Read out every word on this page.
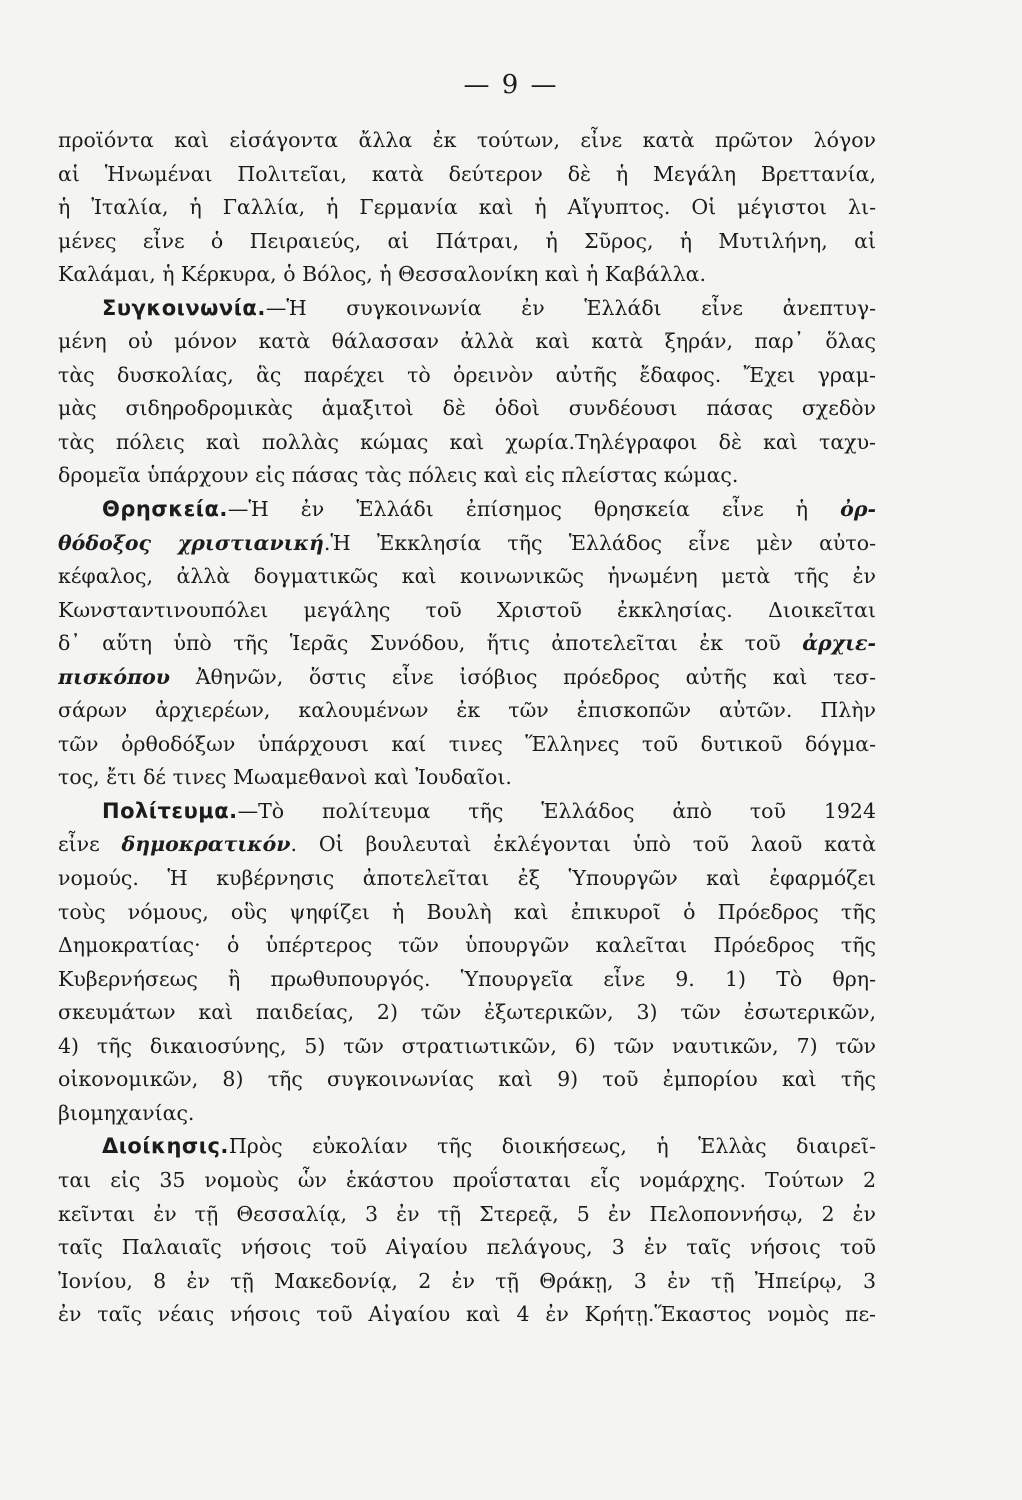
— 9 —
προϊόντα καὶ εἰσάγοντα ἄλλα ἐκ τούτων, εἶνε κατὰ πρῶτον λόγον
αἱ Ἡνωμέναι Πολιτεῖαι, κατὰ δεύτερον δὲ ἡ Μεγάλη Βρεττανία,
ἡ Ἰταλία, ἡ Γαλλία, ἡ Γερμανία καὶ ἡ Αἴγυπτος. Οἱ μέγιστοι λι-
μένες εἶνε ὁ Πειραιεύς, αἱ Πάτραι, ἡ Σῦρος, ἡ Μυτιλήνη, αἱ
Καλάμαι, ἡ Κέρκυρα, ὁ Βόλος, ἡ Θεσσαλονίκη καὶ ἡ Καβάλλα.
Συγκοινωνία.—Ἡ συγκοινωνία ἐν Ἑλλάδι εἶνε ἀνεπτυγ-
μένη οὐ μόνον κατὰ θάλασσαν ἀλλὰ καὶ κατὰ ξηράν, παρ᾿ ὅλας
τὰς δυσκολίας, ἃς παρέχει τὸ ὀρεινὸν αὐτῆς ἔδαφος. Ἔχει γραμ-
μὰς σιδηροδρομικὰς ἁμαξιτοὶ δὲ ὁδοὶ συνδέουσι πάσας σχεδὸν
τὰς πόλεις καὶ πολλὰς κώμας καὶ χωρία.Τηλέγραφοι δὲ καὶ ταχυ-
δρομεῖα ὑπάρχουν εἰς πάσας τὰς πόλεις καὶ εἰς πλείστας κώμας.
Θρησκεία.—Ἡ ἐν Ἑλλάδι ἐπίσημος θρησκεία εἶνε ἡ ὀρ-
θόδοξος χριστιανική.Ἡ Ἐκκλησία τῆς Ἑλλάδος εἶνε μὲν αὐτο-
κέφαλος, ἀλλὰ δογματικῶς καὶ κοινωνικῶς ἡνωμένη μετὰ τῆς ἐν
Κωνσταντινουπόλει μεγάλης τοῦ Χριστοῦ ἐκκλησίας. Διοικεῖται
δ᾿ αὕτη ὑπὸ τῆς Ἱερᾶς Συνόδου, ἥτις ἀποτελεῖται ἐκ τοῦ ἀρχιε-
πισκόπου Ἀθηνῶν, ὅστις εἶνε ἰσόβιος πρόεδρος αὐτῆς καὶ τεσ-
σάρων ἀρχιερέων, καλουμένων ἐκ τῶν ἐπισκοπῶν αὐτῶν. Πλὴν
τῶν ὀρθοδόξων ὑπάρχουσι καί τινες Ἕλληνες τοῦ δυτικοῦ δόγμα-
τος, ἔτι δέ τινες Μωαμεθανοὶ καὶ Ἰουδαῖοι.
Πολίτευμα.—Τὸ πολίτευμα τῆς Ἑλλάδος ἀπὸ τοῦ 1924
εἶνε δημοκρατικόν. Οἱ βουλευταὶ ἐκλέγονται ὑπὸ τοῦ λαοῦ κατὰ
νομούς. Ἡ κυβέρνησις ἀποτελεῖται ἐξ Ὑπουργῶν καὶ ἐφαρμόζει
τοὺς νόμους, οὓς ψηφίζει ἡ Βουλὴ καὶ ἐπικυροῖ ὁ Πρόεδρος τῆς
Δημοκρατίας· ὁ ὑπέρτερος τῶν ὑπουργῶν καλεῖται Πρόεδρος τῆς
Κυβερνήσεως ἢ πρωθυπουργός. Ὑπουργεῖα εἶνε 9. 1) Τὸ θρη-
σκευμάτων καὶ παιδείας, 2) τῶν ἐξωτερικῶν, 3) τῶν ἐσωτερικῶν,
4) τῆς δικαιοσύνης, 5) τῶν στρατιωτικῶν, 6) τῶν ναυτικῶν, 7) τῶν
οἰκονομικῶν, 8) τῆς συγκοινωνίας καὶ 9) τοῦ ἐμπορίου καὶ τῆς
βιομηχανίας.
Διοίκησις.Πρὸς εὐκολίαν τῆς διοικήσεως, ἡ Ἑλλὰς διαιρεῖ-
ται εἰς 35 νομοὺς ὧν ἑκάστου προΐσταται εἷς νομάρχης. Τούτων 2
κεῖνται ἐν τῇ Θεσσαλίᾳ, 3 ἐν τῇ Στερεᾷ, 5 ἐν Πελοποννήσῳ, 2 ἐν
ταῖς Παλαιαῖς νήσοις τοῦ Αἰγαίου πελάγους, 3 ἐν ταῖς νήσοις τοῦ
Ἰονίου, 8 ἐν τῇ Μακεδονίᾳ, 2 ἐν τῇ Θράκῃ, 3 ἐν τῇ Ἠπείρῳ, 3
ἐν ταῖς νέαις νήσοις τοῦ Αἰγαίου καὶ 4 ἐν Κρήτῃ.Ἕκαστος νομὸς πε-
